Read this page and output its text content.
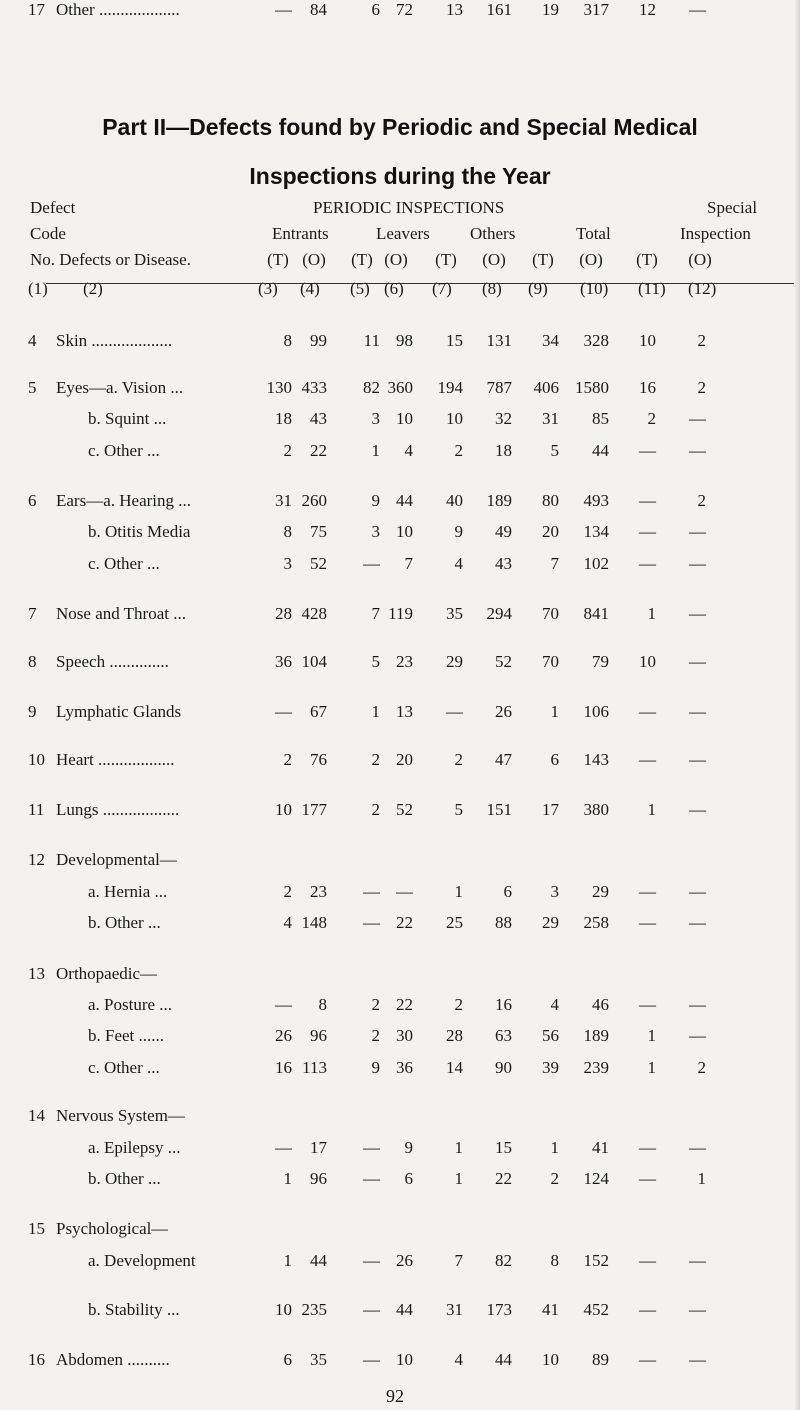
Part II—Defects found by Periodic and Special Medical
Inspections during the Year
Defect
Code
No. Defects or Disease.
PERIODIC INSPECTIONS	Special
Inspection
Entrants	Leavers Others	Total
(T) (O) (T) (O) (T) (O) (T) (O) (T) (O)
(1) (2)	(3) (4) (5) (6) (7) (8) (9) (10) (11) (12)
4 Skin ...................	8	99	11 98	15	131	34	328	10	2
5 Eyes—a. Vision ...	130 433	82 360	194	787	406 1580	16	2
b. Squint ...	18	43	3 10	10	32	31	85	2	—
c. Other ...	2	22	1	4	2	18	5	44	—	—
6 Ears—a. Hearing ...	31 260	9 44	40	189	80	493	—	2
b. Otitis Media	8	75	3 10	9	49	20	134	—	—
c. Other ...	3	52	—	7	4	43	7	102	—	—
7 Nose and Throat ...	28 428	7 119	35	294	70	841	1	—
8 Speech ..............	36 104	5 23	29	52	70	79	10	—
9 Lymphatic Glands	—	67	1 13	—	26	1	106	—	—
10 Heart ..................	2	76	2 20	2	47	6	143	—	—
11 Lungs ..................	10 177	2 52	5	151	17	380	1	—
12 Developmental—
a. Hernia ...	2	23	— —	1	6	3	29	—	—
b. Other ...	4 148	— 22	25	88	29	258	—	—
13 Orthopaedic—
a. Posture ...	—	8	2 22	2	16	4	46	—	—
b. Feet ......	26	96	2 30	28	63	56	189	1	—
c. Other ...	16 113	9 36	14	90	39	239	1	2
14 Nervous System—
a. Epilepsy ...	—	17	—	9	1	15	1	41	—	—
b. Other ...	1	96	—	6	1	22	2	124	—	1
15 Psychological—
a. Development	1	44	— 26	7	82	8	152	—	—
b. Stability ...	10 235	— 44	31	173	41	452	—	—
16 Abdomen ..........	6	35	— 10	4	44	10	89	—	—
17 Other ...................	—	84	6 72	13	161	19	317	12	—
92
